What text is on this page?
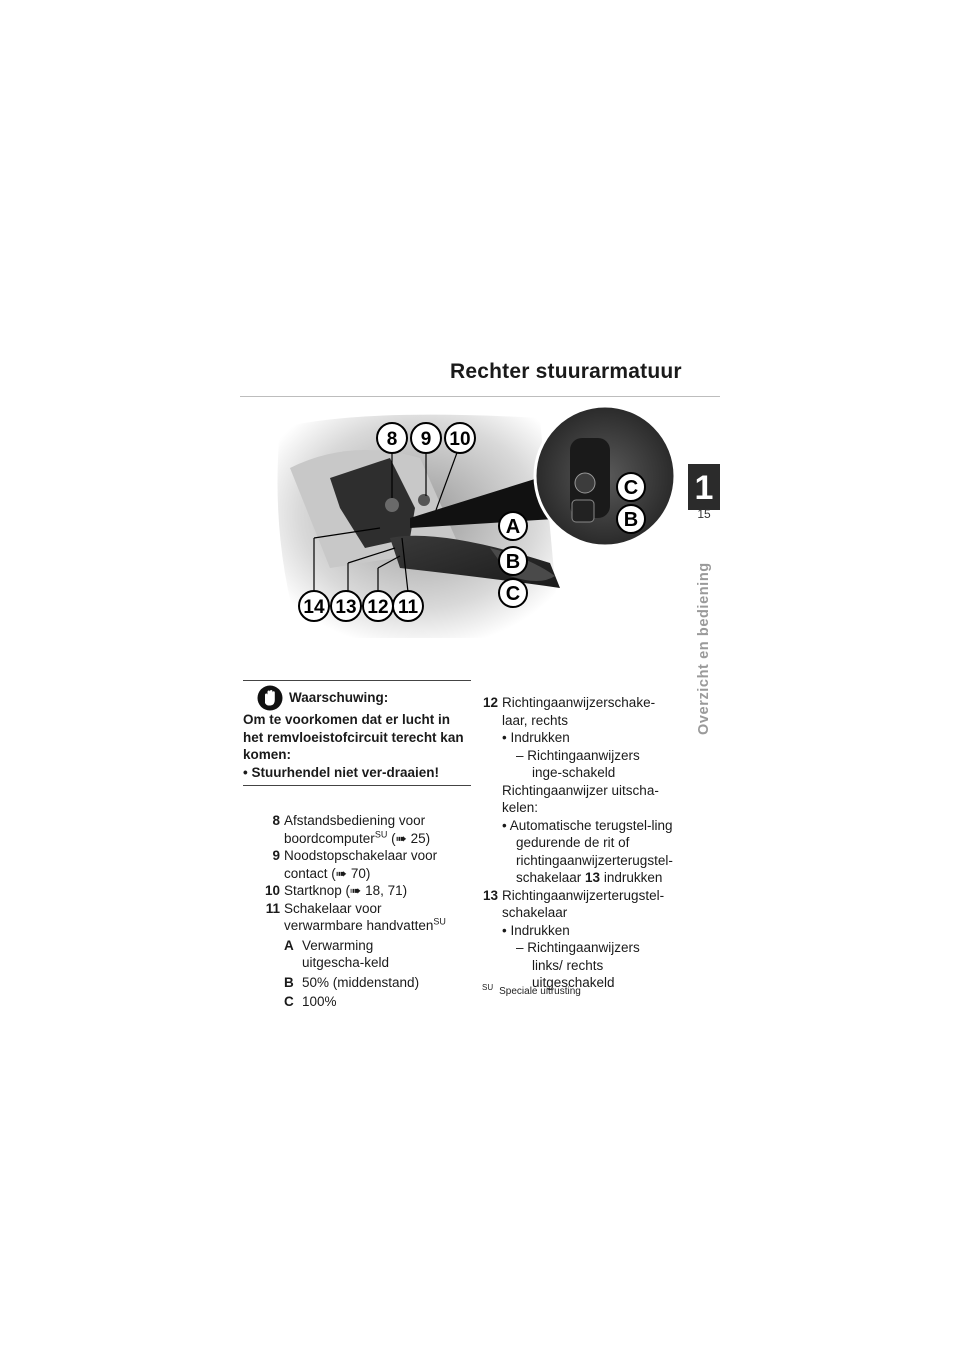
Rechter stuurarmatuur
C
B
A
B
C
8 9 10
14 13 12 11
1
15
Overzicht en bediening
Waarschuwing:
Om te voorkomen dat er lucht in het remvloeistofcircuit terecht kan komen:
• Stuurhendel niet ver-draaien!
8 Afstandsbediening voor
boordcomputer$^{SU}$ (➠ 25)
9 Noodstopschakelaar voor
contact (➠ 70)
10 Startknop (➠ 18, 71)
11 Schakelaar voor
verwarmbare handvatten$^{SU}$
A Verwarming uitgescha-keld
B 50% (middenstand)
C 100%
12 Richtingaanwijzerschake-laar, rechts
• Indrukken
– Richtingaanwijzers inge-schakeld
Richtingaanwijzer uitscha-kelen:
• Automatische terugstel-ling gedurende de rit of richtingaanwijzerterugstel-schakelaar 13 indrukken
13 Richtingaanwijzerterugstel-schakelaar
• Indrukken
– Richtingaanwijzers links/ rechts uitgeschakeld
$^{SU}$ Speciale uitrusting
